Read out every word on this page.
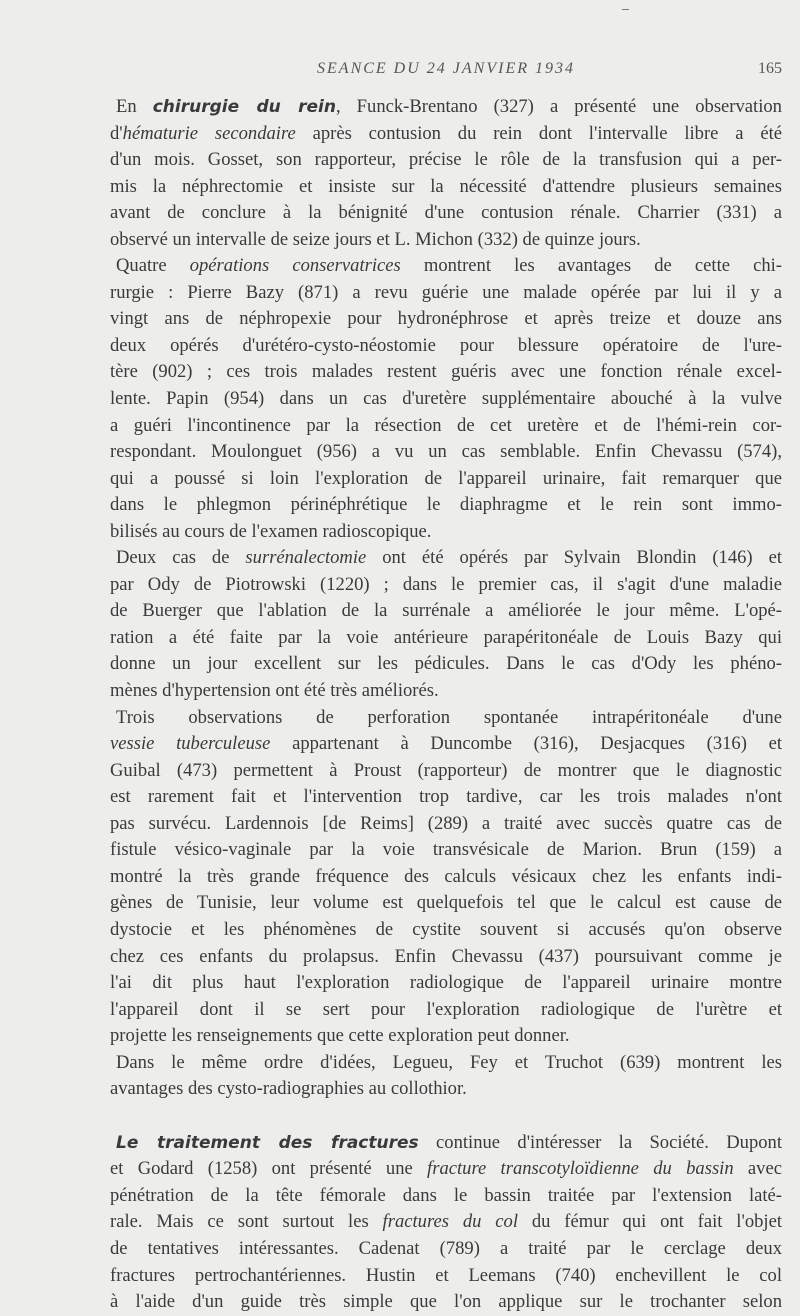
SEANCE DU 24 JANVIER 1934	165
En chirurgie du rein, Funck-Brentano (327) a présenté une observation
d'hématurie secondaire après contusion du rein dont l'intervalle libre a été
d'un mois. Gosset, son rapporteur, précise le rôle de la transfusion qui a per-
mis la néphrectomie et insiste sur la nécessité d'attendre plusieurs semaines
avant de conclure à la bénignité d'une contusion rénale. Charrier (331) a
observé un intervalle de seize jours et L. Michon (332) de quinze jours.
Quatre opérations conservatrices montrent les avantages de cette chi-
rurgie : Pierre Bazy (871) a revu guérie une malade opérée par lui il y a
vingt ans de néphropexie pour hydronéphrose et après treize et douze ans
deux opérés d'urétéro-cysto-néostomie pour blessure opératoire de l'ure-
tère (902) ; ces trois malades restent guéris avec une fonction rénale excel-
lente. Papin (954) dans un cas d'uretère supplémentaire abouché à la vulve
a guéri l'incontinence par la résection de cet uretère et de l'hémi-rein cor-
respondant. Moulonguet (956) a vu un cas semblable. Enfin Chevassu (574),
qui a poussé si loin l'exploration de l'appareil urinaire, fait remarquer que
dans le phlegmon périnéphrétique le diaphragme et le rein sont immo-
bilisés au cours de l'examen radioscopique.
Deux cas de surrénalectomie ont été opérés par Sylvain Blondin (146) et
par Ody de Piotrowski (1220) ; dans le premier cas, il s'agit d'une maladie
de Buerger que l'ablation de la surrénale a améliorée le jour même. L'opé-
ration a été faite par la voie antérieure parapéritonéale de Louis Bazy qui
donne un jour excellent sur les pédicules. Dans le cas d'Ody les phéno-
mènes d'hypertension ont été très améliorés.
Trois observations de perforation spontanée intrapéritonéale d'une
vessie tuberculeuse appartenant à Duncombe (316), Desjacques (316) et
Guibal (473) permettent à Proust (rapporteur) de montrer que le diagnostic
est rarement fait et l'intervention trop tardive, car les trois malades n'ont
pas survécu. Lardennois [de Reims] (289) a traité avec succès quatre cas de
fistule vésico-vaginale par la voie transvésicale de Marion. Brun (159) a
montré la très grande fréquence des calculs vésicaux chez les enfants indi-
gènes de Tunisie, leur volume est quelquefois tel que le calcul est cause de
dystocie et les phénomènes de cystite souvent si accusés qu'on observe
chez ces enfants du prolapsus. Enfin Chevassu (437) poursuivant comme je
l'ai dit plus haut l'exploration radiologique de l'appareil urinaire montre
l'appareil dont il se sert pour l'exploration radiologique de l'urètre et
projette les renseignements que cette exploration peut donner.
Dans le même ordre d'idées, Legueu, Fey et Truchot (639) montrent les
avantages des cysto-radiographies au collothior.
Le traitement des fractures continue d'intéresser la Société. Dupont
et Godard (1258) ont présenté une fracture transcotyloïdienne du bassin avec
pénétration de la tête fémorale dans le bassin traitée par l'extension laté-
rale. Mais ce sont surtout les fractures du col du fémur qui ont fait l'objet
de tentatives intéressantes. Cadenat (789) a traité par le cerclage deux
fractures pertrochantériennes. Hustin et Leemans (740) enchevillent le col
à l'aide d'un guide très simple que l'on applique sur le trochanter selon
